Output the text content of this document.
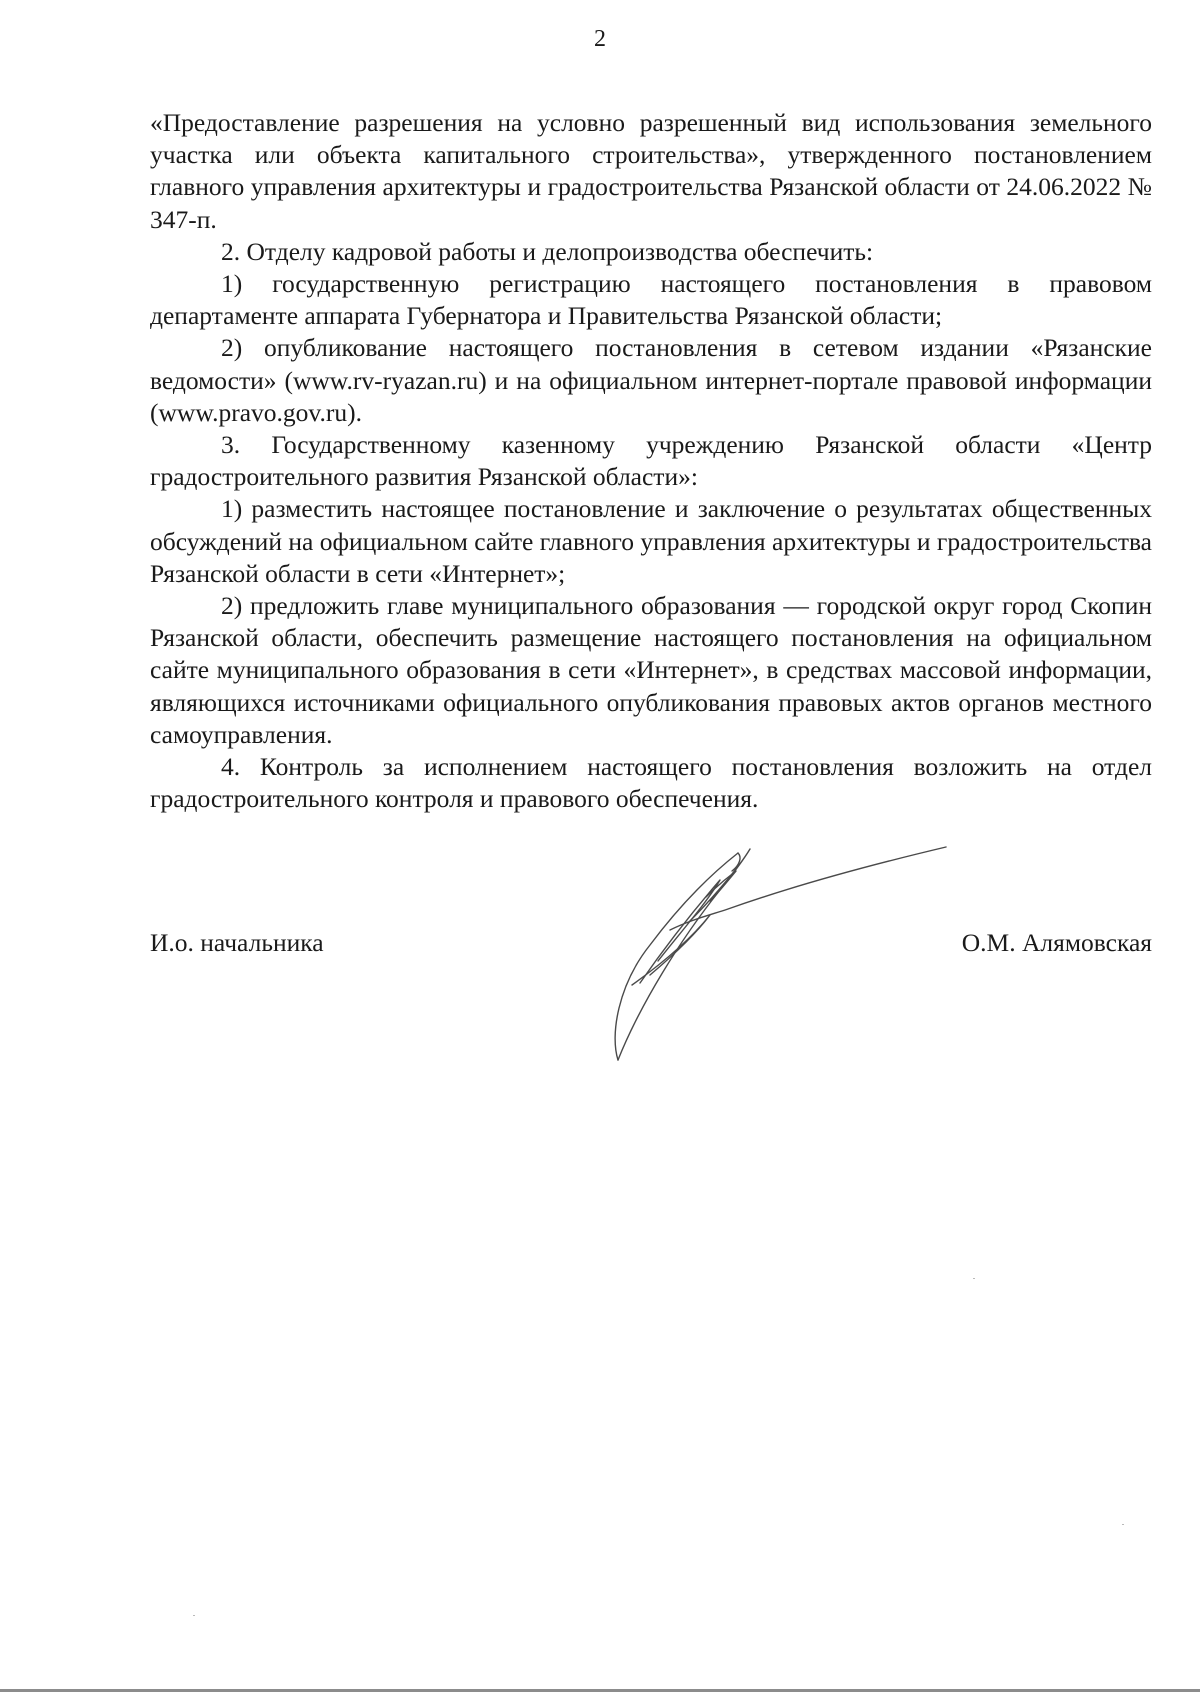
2

«Предоставление разрешения на условно разрешенный вид использования земельного участка или объекта капитального строительства», утвержденного постановлением главного управления архитектуры и градостроительства Рязанской области от 24.06.2022 № 347-п.

2. Отделу кадровой работы и делопроизводства обеспечить:

1) государственную регистрацию настоящего постановления в правовом департаменте аппарата Губернатора и Правительства Рязанской области;

2) опубликование настоящего постановления в сетевом издании «Рязанские ведомости» (www.rv-ryazan.ru) и на официальном интернет-портале правовой информации (www.pravo.gov.ru).

3. Государственному казенному учреждению Рязанской области «Центр градостроительного развития Рязанской области»:

1) разместить настоящее постановление и заключение о результатах общественных обсуждений на официальном сайте главного управления архитектуры и градостроительства Рязанской области в сети «Интернет»;

2) предложить главе муниципального образования — городской округ город Скопин Рязанской области, обеспечить размещение настоящего постановления на официальном сайте муниципального образования в сети «Интернет», в средствах массовой информации, являющихся источниками официального опубликования правовых актов органов местного самоуправления.

4. Контроль за исполнением настоящего постановления возложить на отдел градостроительного контроля и правового обеспечения.

И.о. начальника	О.М. Алямовская
